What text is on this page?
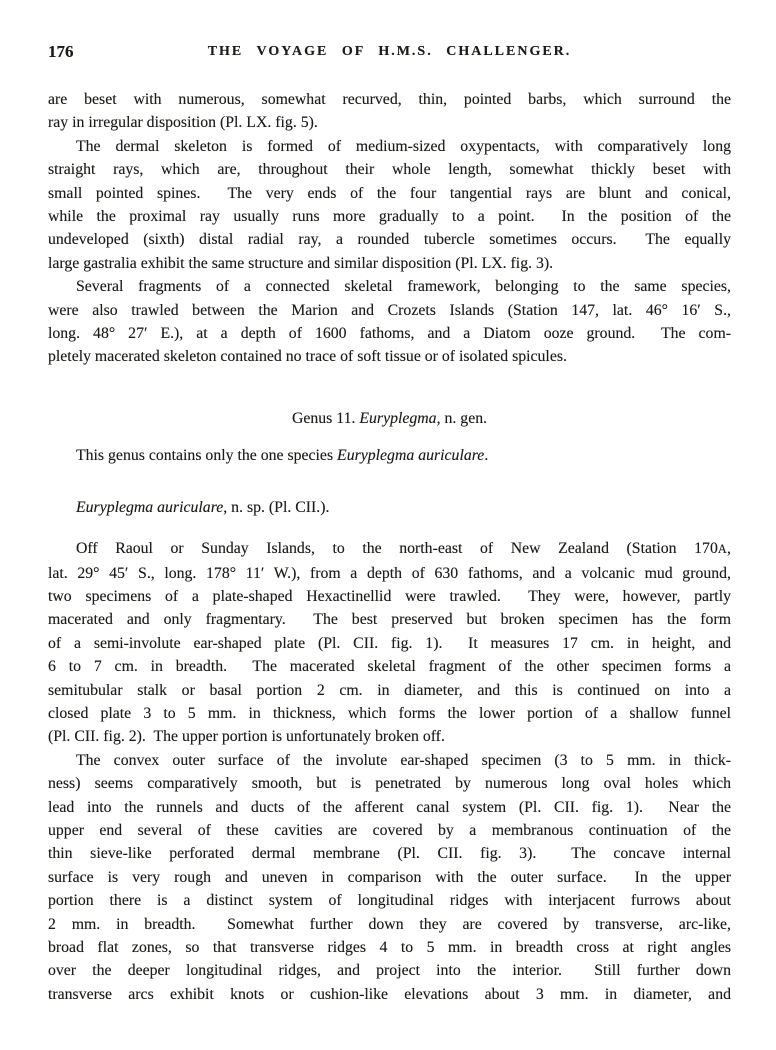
176	THE VOYAGE OF H.M.S. CHALLENGER.
are beset with numerous, somewhat recurved, thin, pointed barbs, which surround the
ray in irregular disposition (Pl. LX. fig. 5).
The dermal skeleton is formed of medium-sized oxypentacts, with comparatively long
straight rays, which are, throughout their whole length, somewhat thickly beset with
small pointed spines.  The very ends of the four tangential rays are blunt and conical,
while the proximal ray usually runs more gradually to a point.  In the position of the
undeveloped (sixth) distal radial ray, a rounded tubercle sometimes occurs.  The equally
large gastralia exhibit the same structure and similar disposition (Pl. LX. fig. 3).
Several fragments of a connected skeletal framework, belonging to the same species,
were also trawled between the Marion and Crozets Islands (Station 147, lat. 46° 16′ S.,
long. 48° 27′ E.), at a depth of 1600 fathoms, and a Diatom ooze ground.  The com-
pletely macerated skeleton contained no trace of soft tissue or of isolated spicules.
Genus 11. Euryplegma, n. gen.
This genus contains only the one species Euryplegma auriculare.
Euryplegma auriculare, n. sp. (Pl. CII.).
Off Raoul or Sunday Islands, to the north-east of New Zealand (Station 170A,
lat. 29° 45′ S., long. 178° 11′ W.), from a depth of 630 fathoms, and a volcanic mud ground,
two specimens of a plate-shaped Hexactinellid were trawled.  They were, however, partly
macerated and only fragmentary.  The best preserved but broken specimen has the form
of a semi-involute ear-shaped plate (Pl. CII. fig. 1).  It measures 17 cm. in height, and
6 to 7 cm. in breadth.  The macerated skeletal fragment of the other specimen forms a
semitubular stalk or basal portion 2 cm. in diameter, and this is continued on into a
closed plate 3 to 5 mm. in thickness, which forms the lower portion of a shallow funnel
(Pl. CII. fig. 2).  The upper portion is unfortunately broken off.
The convex outer surface of the involute ear-shaped specimen (3 to 5 mm. in thick-
ness) seems comparatively smooth, but is penetrated by numerous long oval holes which
lead into the runnels and ducts of the afferent canal system (Pl. CII. fig. 1).  Near the
upper end several of these cavities are covered by a membranous continuation of the
thin sieve-like perforated dermal membrane (Pl. CII. fig. 3).  The concave internal
surface is very rough and uneven in comparison with the outer surface.  In the upper
portion there is a distinct system of longitudinal ridges with interjacent furrows about
2 mm. in breadth.  Somewhat further down they are covered by transverse, arc-like,
broad flat zones, so that transverse ridges 4 to 5 mm. in breadth cross at right angles
over the deeper longitudinal ridges, and project into the interior.  Still further down
transverse arcs exhibit knots or cushion-like elevations about 3 mm. in diameter, and
